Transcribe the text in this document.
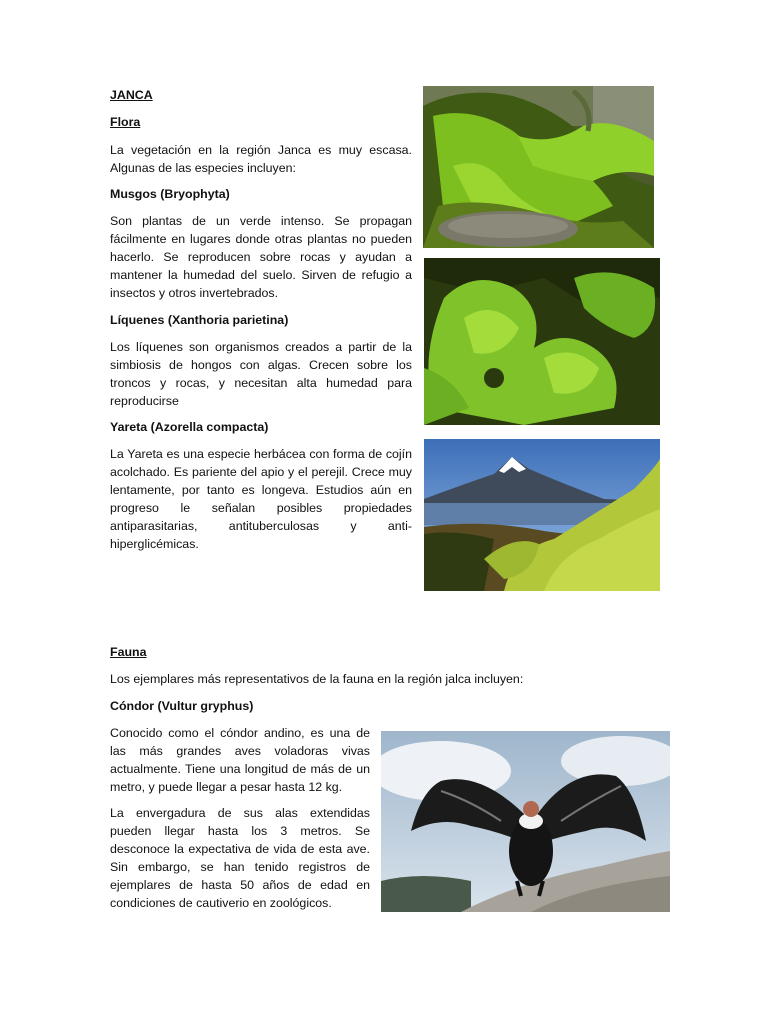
JANCA
Flora
La vegetación en la región Janca es muy escasa. Algunas de las especies incluyen:
Musgos (Bryophyta)
Son plantas de un verde intenso. Se propagan fácilmente en lugares donde otras plantas no pueden hacerlo. Se reproducen sobre rocas y ayudan a mantener la humedad del suelo. Sirven de refugio a insectos y otros invertebrados.
Líquenes (Xanthoria parietina)
Los líquenes son organismos creados a partir de la simbiosis de hongos con algas. Crecen sobre los troncos y rocas, y necesitan alta humedad para reproducirse
Yareta (Azorella compacta)
La Yareta es una especie herbácea con forma de cojín acolchado. Es pariente del apio y el perejil. Crece muy lentamente, por tanto es longeva. Estudios aún en progreso le señalan posibles propiedades antiparasitarias, antituberculosas y anti-hiperglicémicas.
Fauna
Los ejemplares más representativos de la fauna en la región jalca incluyen:
Cóndor (Vultur gryphus)
Conocido como el cóndor andino, es una de las más grandes aves voladoras vivas actualmente. Tiene una longitud de más de un metro, y puede llegar a pesar hasta 12 kg.
La envergadura de sus alas extendidas pueden llegar hasta los 3 metros. Se desconoce la expectativa de vida de esta ave. Sin embargo, se han tenido registros de ejemplares de hasta 50 años de edad en condiciones de cautiverio en zoológicos.
